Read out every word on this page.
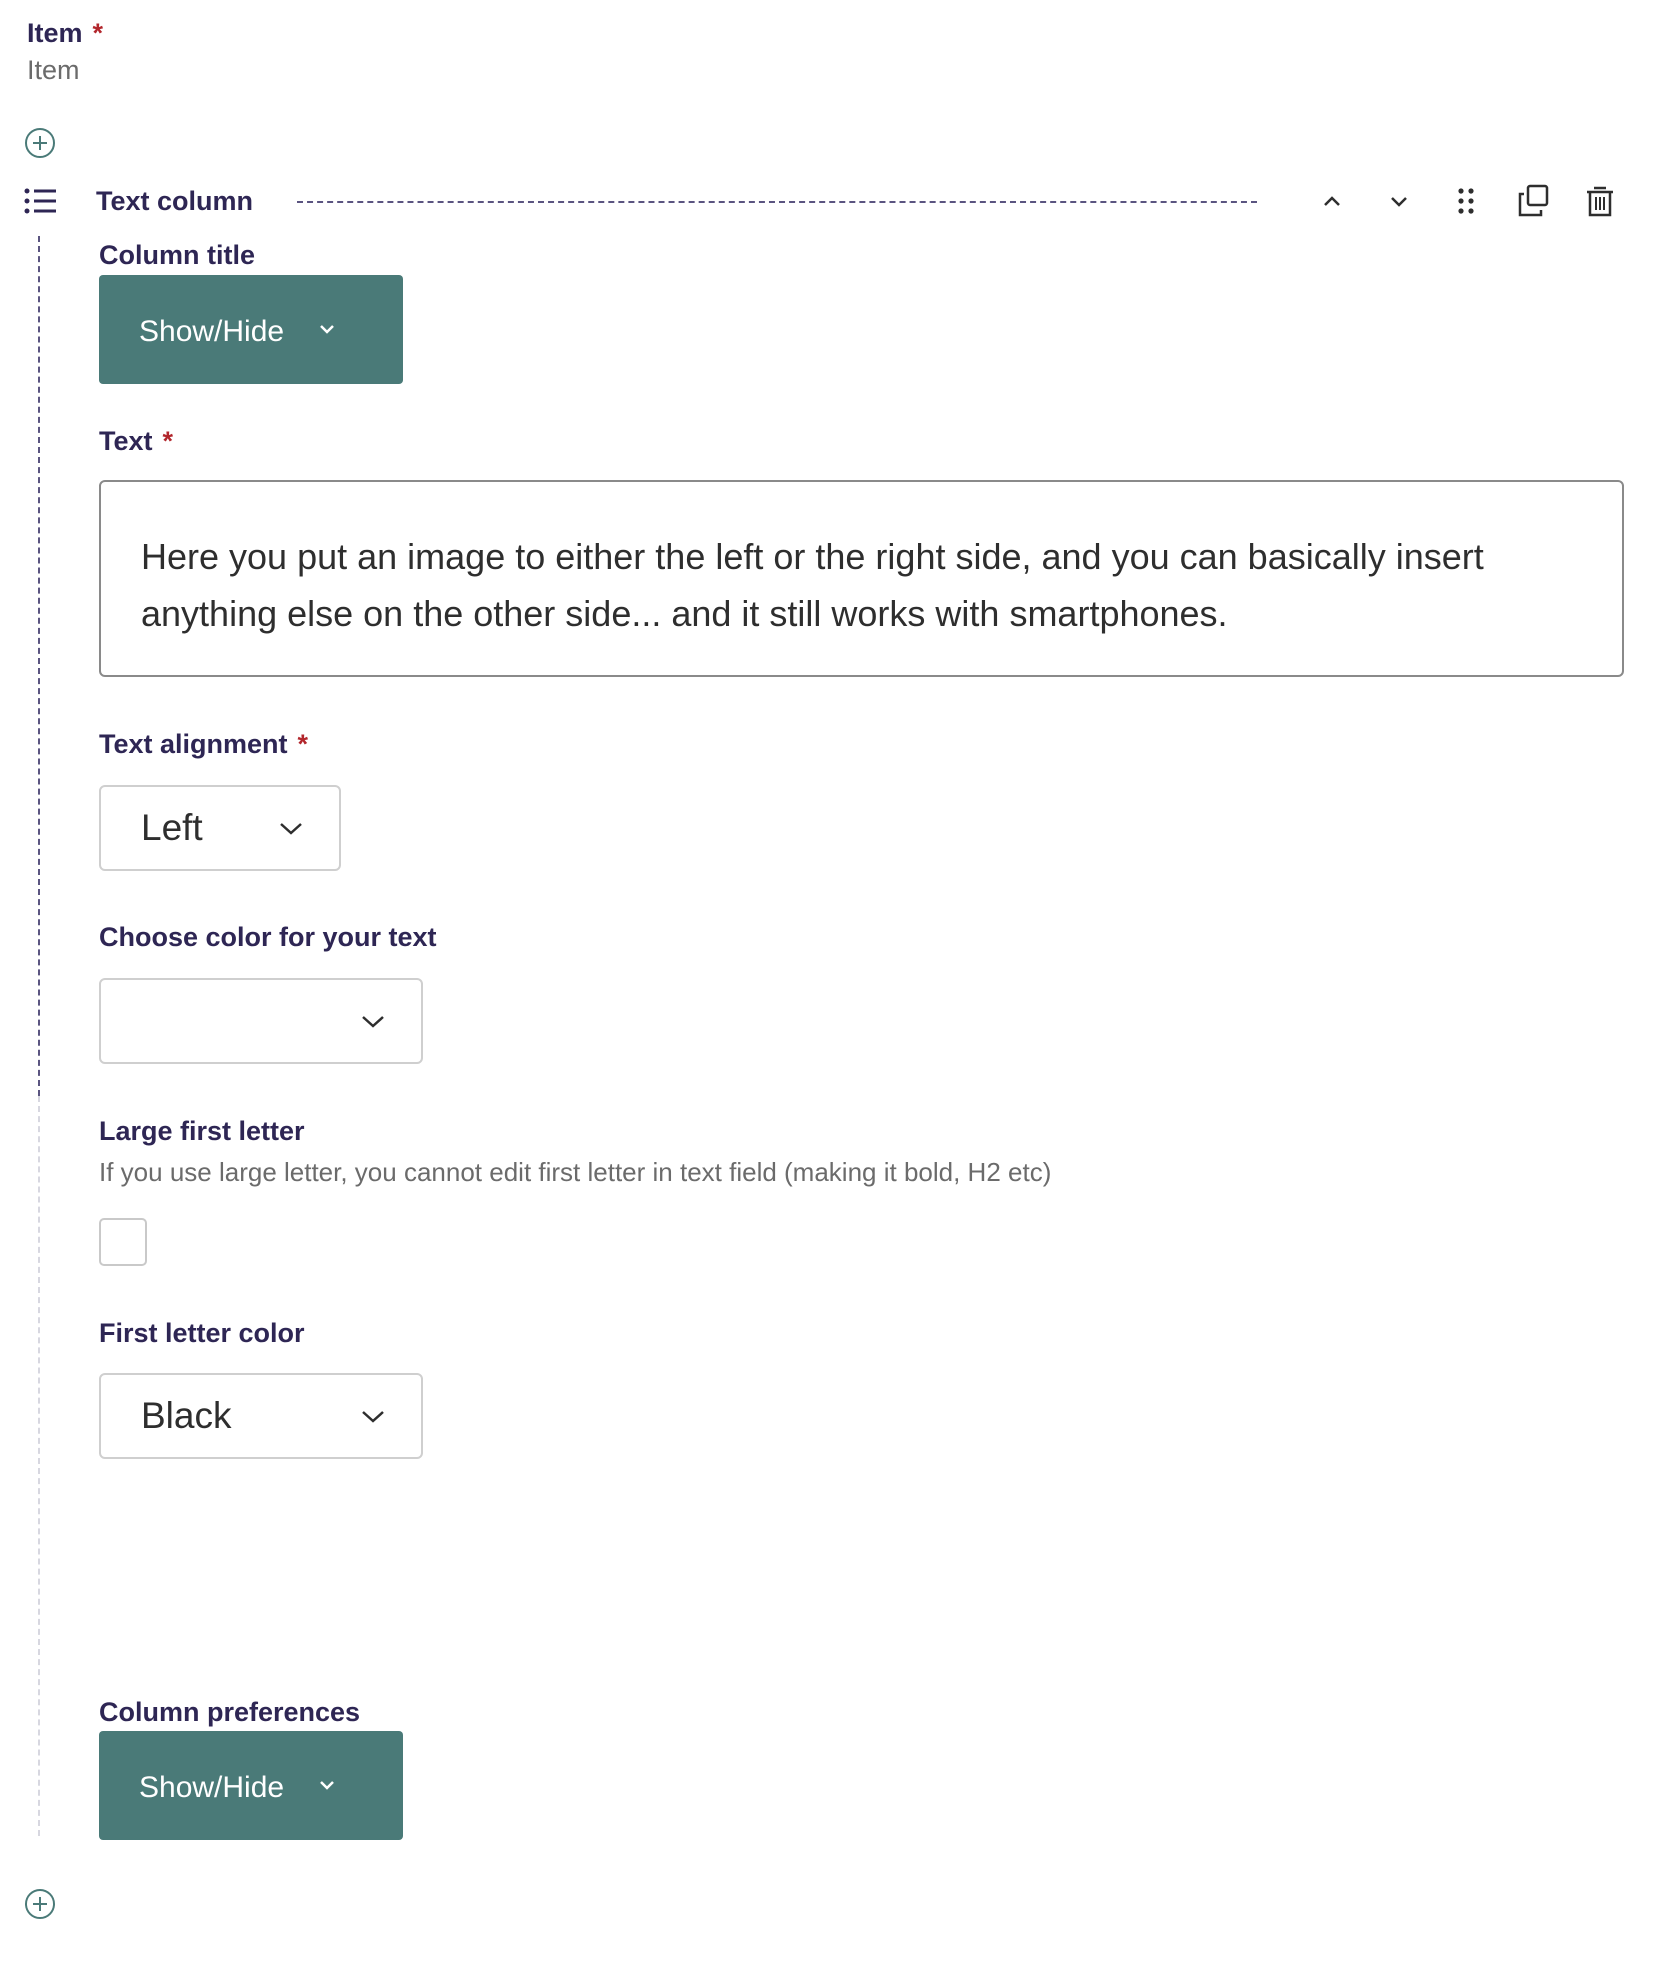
Item *
Item
Text column
Column title
Show/Hide
Text *
Here you put an image to either the left or the right side, and you can basically insert anything else on the other side... and it still works with smartphones.
Text alignment *
Left
Choose color for your text
Large first letter
If you use large letter, you cannot edit first letter in text field (making it bold, H2 etc)
First letter color
Black
Column preferences
Show/Hide
